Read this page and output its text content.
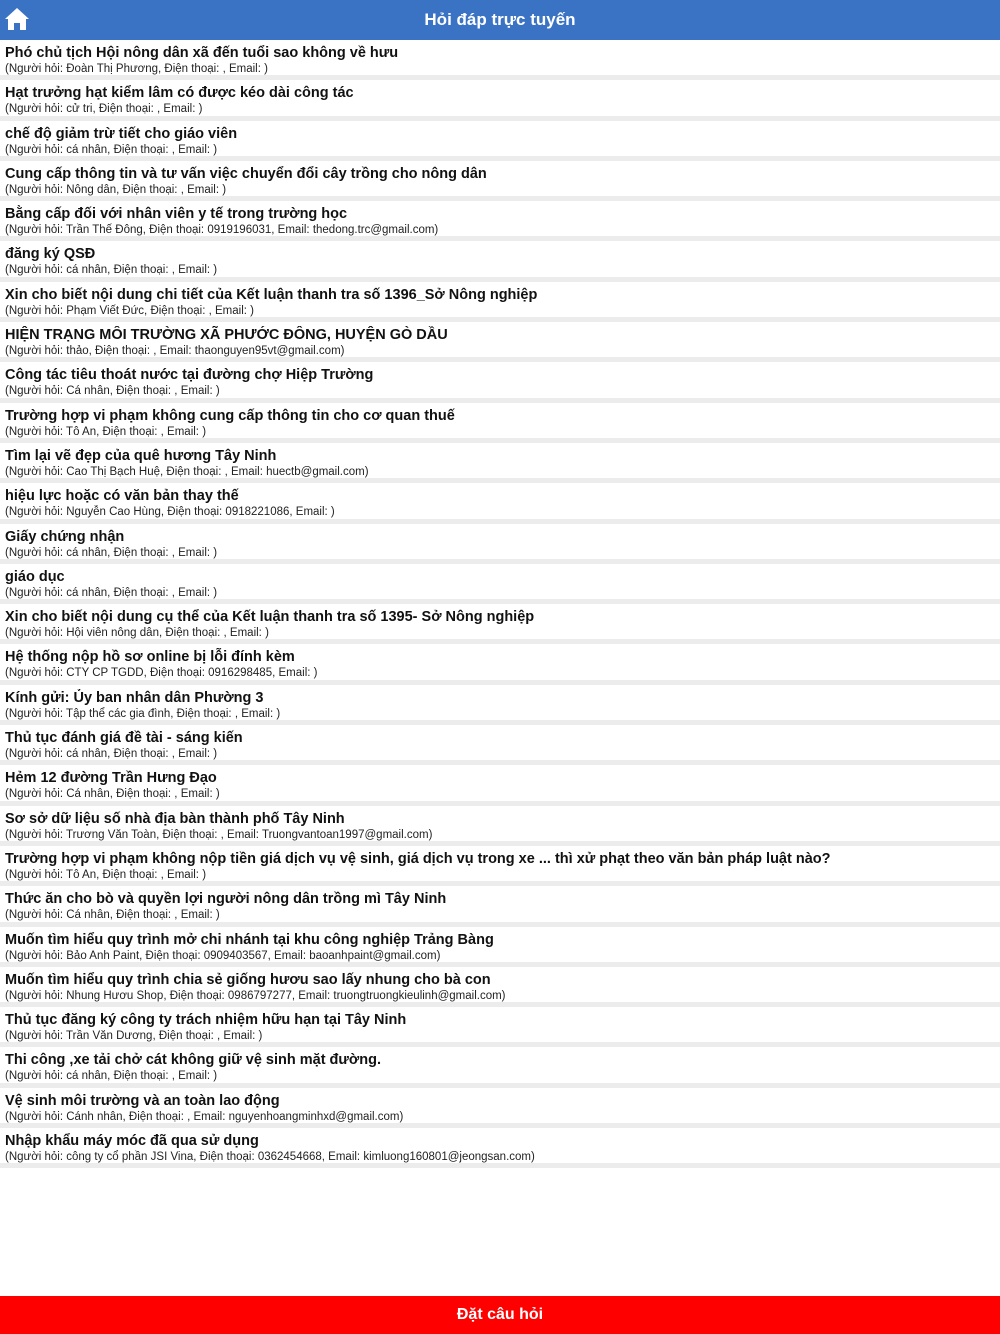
Hỏi đáp trực tuyến
Phó chủ tịch Hội nông dân xã đến tuổi sao không về hưu
(Người hỏi: Đoàn Thị Phương, Điện thoại: , Email: )
Hạt trưởng hạt kiểm lâm có được kéo dài công tác
(Người hỏi: cử tri, Điện thoại: , Email: )
chế độ giảm trừ tiết cho giáo viên
(Người hỏi: cá nhân, Điện thoại: , Email: )
Cung cấp thông tin và tư vấn việc chuyển đổi cây trồng cho nông dân
(Người hỏi: Nông dân, Điện thoại: , Email: )
Bằng cấp đối với nhân viên y tế trong trường học
(Người hỏi: Trần Thế Đông, Điện thoại: 0919196031, Email: thedong.trc@gmail.com)
đăng ký QSĐ
(Người hỏi: cá nhân, Điện thoại: , Email: )
Xin cho biết nội dung chi tiết của Kết luận thanh tra số 1396_Sở Nông nghiệp
(Người hỏi: Phạm Viết Đức, Điện thoại: , Email: )
HIỆN TRẠNG MÔI TRƯỜNG XÃ PHƯỚC ĐÔNG, HUYỆN GÒ DẦU
(Người hỏi: thảo, Điện thoại: , Email: thaonguyen95vt@gmail.com)
Công tác tiêu thoát nước tại đường chợ Hiệp Trường
(Người hỏi: Cá nhân, Điện thoại: , Email: )
Trường hợp vi phạm không cung cấp thông tin cho cơ quan thuế
(Người hỏi: Tô An, Điện thoại: , Email: )
Tìm lại vẽ đẹp của quê hương Tây Ninh
(Người hỏi: Cao Thị Bạch Huệ, Điện thoại: , Email: huectb@gmail.com)
hiệu lực hoặc có văn bản thay thế
(Người hỏi: Nguyễn Cao Hùng, Điện thoại: 0918221086, Email: )
Giấy chứng nhận
(Người hỏi: cá nhân, Điện thoại: , Email: )
giáo dục
(Người hỏi: cá nhân, Điện thoại: , Email: )
Xin cho biết nội dung cụ thể của Kết luận thanh tra số 1395- Sở Nông nghiệp
(Người hỏi: Hội viên nông dân, Điện thoại: , Email: )
Hệ thống nộp hồ sơ online bị lỗi đính kèm
(Người hỏi: CTY CP TGDD, Điện thoại: 0916298485, Email: )
Kính gửi: Ủy ban nhân dân Phường 3
(Người hỏi: Tập thể các gia đình, Điện thoại: , Email: )
Thủ tục đánh giá đề tài - sáng kiến
(Người hỏi: cá nhân, Điện thoại: , Email: )
Hẻm 12 đường Trần Hưng Đạo
(Người hỏi: Cá nhân, Điện thoại: , Email: )
Sơ sở dữ liệu số nhà địa bàn thành phố Tây Ninh
(Người hỏi: Trương Văn Toàn, Điện thoại: , Email: Truongvantoan1997@gmail.com)
Trường hợp vi phạm không nộp tiền giá dịch vụ vệ sinh, giá dịch vụ trong xe ... thì xử phạt theo văn bản pháp luật nào?
(Người hỏi: Tô An, Điện thoại: , Email: )
Thức ăn cho bò và quyền lợi người nông dân trồng mì Tây Ninh
(Người hỏi: Cá nhân, Điện thoại: , Email: )
Muốn tìm hiểu quy trình mở chi nhánh tại khu công nghiệp Trảng Bàng
(Người hỏi: Bảo Anh Paint, Điện thoại: 0909403567, Email: baoanhpaint@gmail.com)
Muốn tìm hiểu quy trình chia sẻ giống hươu sao lấy nhung cho bà con
(Người hỏi: Nhung Hươu Shop, Điện thoại: 0986797277, Email: truongtruongkieulinh@gmail.com)
Thủ tục đăng ký công ty trách nhiệm hữu hạn tại Tây Ninh
(Người hỏi: Trần Văn Dương, Điện thoại: , Email: )
Thi công ,xe tải chở cát không giữ vệ sinh mặt đường.
(Người hỏi: cá nhân, Điện thoại: , Email: )
Vệ sinh môi trường và an toàn lao động
(Người hỏi: Cánh nhân, Điện thoại: , Email: nguyenhoangminhxd@gmail.com)
Nhập khẩu máy móc đã qua sử dụng
(Người hỏi: công ty cổ phần JSI Vina, Điện thoại: 0362454668, Email: kimluong160801@jeongsan.com)
Đặt câu hỏi
